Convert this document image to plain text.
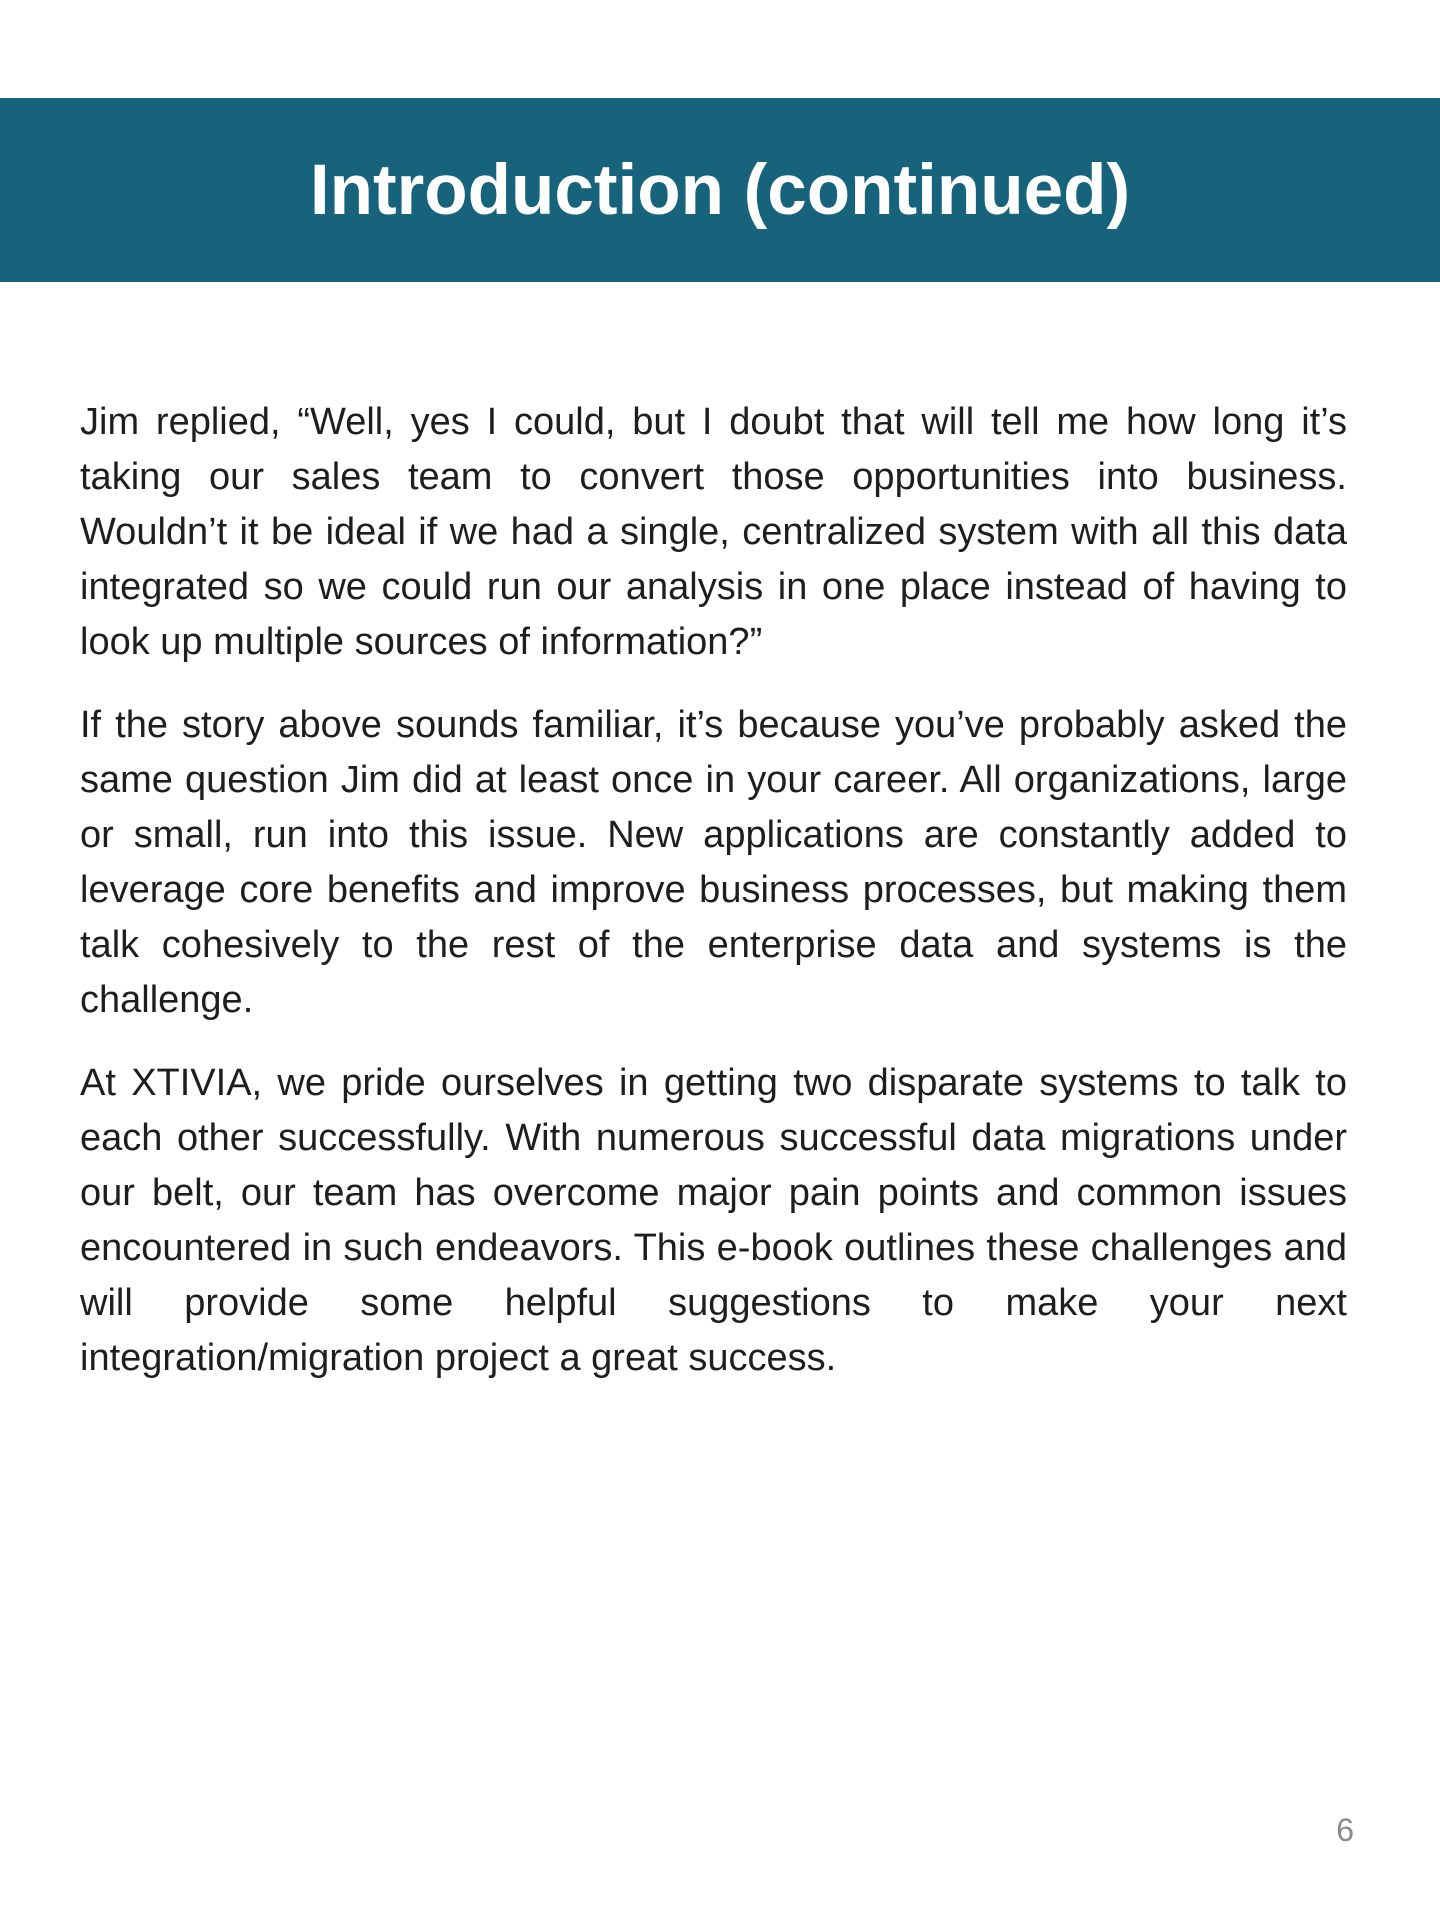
Introduction (continued)

Jim replied, “Well, yes I could, but I doubt that will tell me how long it’s taking our sales team to convert those opportunities into business. Wouldn’t it be ideal if we had a single, centralized system with all this data integrated so we could run our analysis in one place instead of having to look up multiple sources of information?”

If the story above sounds familiar, it’s because you’ve probably asked the same question Jim did at least once in your career. All organizations, large or small, run into this issue. New applications are constantly added to leverage core benefits and improve business processes, but making them talk cohesively to the rest of the enterprise data and systems is the challenge.

At XTIVIA, we pride ourselves in getting two disparate systems to talk to each other successfully. With numerous successful data migrations under our belt, our team has overcome major pain points and common issues encountered in such endeavors. This e-book outlines these challenges and will provide some helpful suggestions to make your next integration/migration project a great success.

6
